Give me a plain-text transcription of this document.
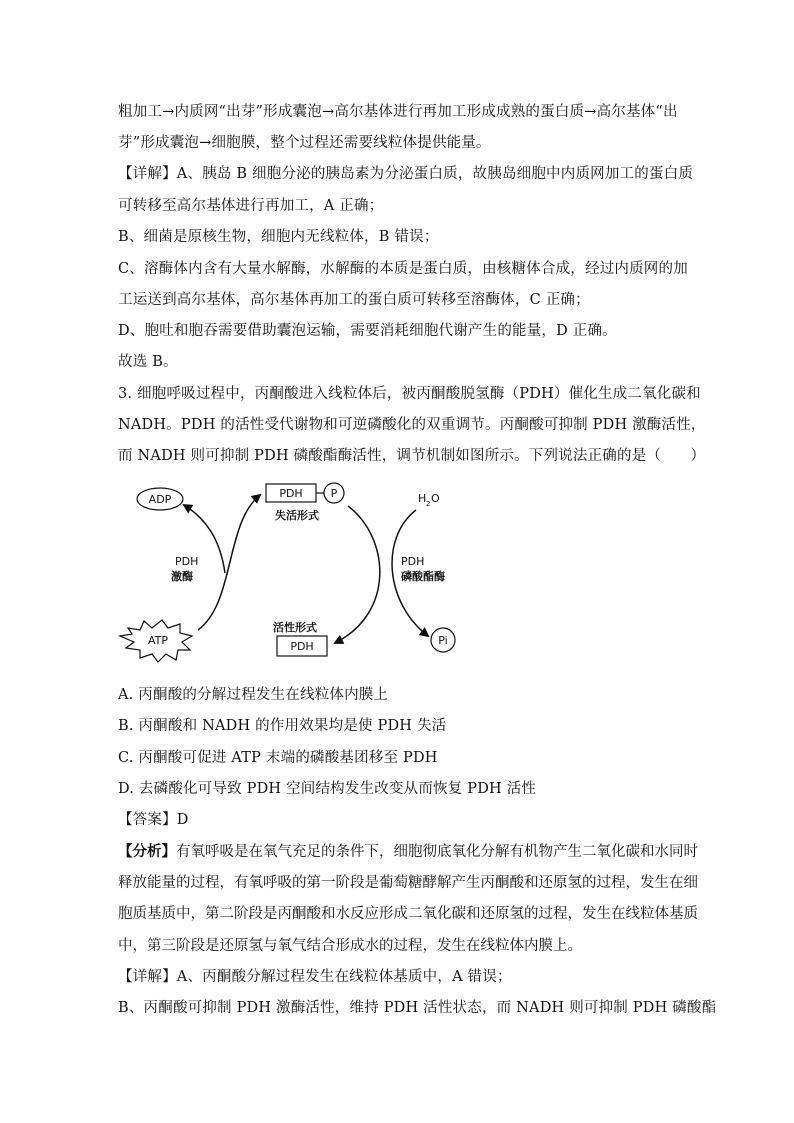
粗加工→内质网“出芽”形成囊泡→高尔基体进行再加工形成成熟的蛋白质→高尔基体“出
芽”形成囊泡→细胞膜，整个过程还需要线粒体提供能量。
【详解】A、胰岛 B 细胞分泌的胰岛素为分泌蛋白质，故胰岛细胞中内质网加工的蛋白质
可转移至高尔基体进行再加工，A 正确；
B、细菌是原核生物，细胞内无线粒体，B 错误；
C、溶酶体内含有大量水解酶，水解酶的本质是蛋白质，由核糖体合成，经过内质网的加
工运送到高尔基体，高尔基体再加工的蛋白质可转移至溶酶体，C 正确；
D、胞吐和胞吞需要借助囊泡运输，需要消耗细胞代谢产生的能量，D 正确。
故选 B。
3. 细胞呼吸过程中，丙酮酸进入线粒体后，被丙酮酸脱氢酶（PDH）催化生成二氧化碳和
NADH。PDH 的活性受代谢物和可逆磷酸化的双重调节。丙酮酸可抑制 PDH 激酶活性，
而 NADH 则可抑制 PDH 磷酸酯酶活性，调节机制如图所示。下列说法正确的是（　　）
ADP	PDH	P
失活形式
H 2 O
PDH
激酶
PDH
磷酸酯酶
ATP
活性形式
PDH	Pi
A. 丙酮酸的分解过程发生在线粒体内膜上
B. 丙酮酸和 NADH 的作用效果均是使 PDH 失活
C. 丙酮酸可促进 ATP 末端的磷酸基团移至 PDH
D. 去磷酸化可导致 PDH 空间结构发生改变从而恢复 PDH 活性
【答案】D
【分析】有氧呼吸是在氧气充足的条件下，细胞彻底氧化分解有机物产生二氧化碳和水同时
释放能量的过程，有氧呼吸的第一阶段是葡萄糖酵解产生丙酮酸和还原氢的过程，发生在细
胞质基质中，第二阶段是丙酮酸和水反应形成二氧化碳和还原氢的过程，发生在线粒体基质
中，第三阶段是还原氢与氧气结合形成水的过程，发生在线粒体内膜上。
【详解】A、丙酮酸分解过程发生在线粒体基质中，A 错误；
B、丙酮酸可抑制 PDH 激酶活性，维持 PDH 活性状态，而 NADH 则可抑制 PDH 磷酸酯
